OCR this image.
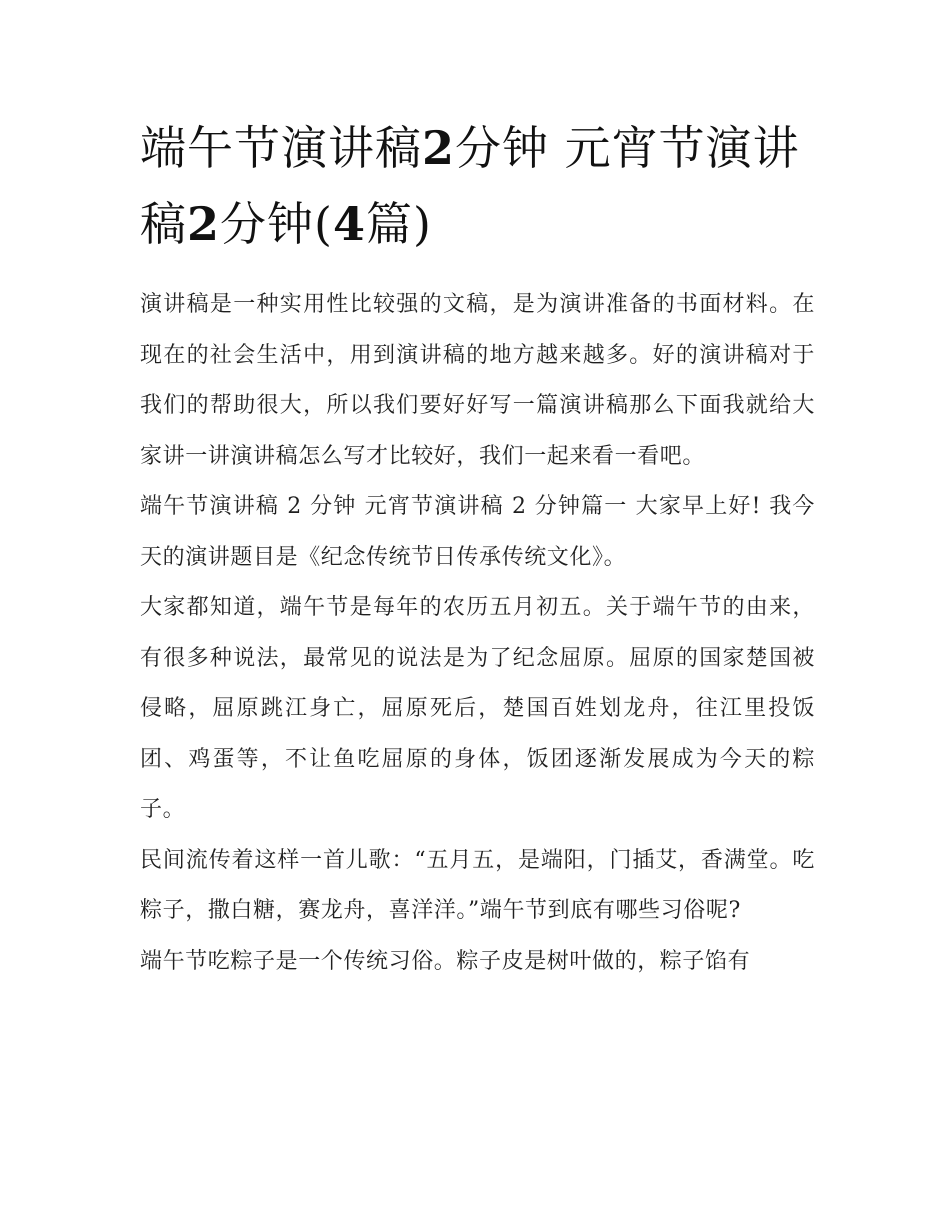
端午节演讲稿2分钟 元宵节演讲稿2分钟(4篇)

演讲稿是一种实用性比较强的文稿，是为演讲准备的书面材料。在现在的社会生活中，用到演讲稿的地方越来越多。好的演讲稿对于我们的帮助很大，所以我们要好好写一篇演讲稿那么下面我就给大家讲一讲演讲稿怎么写才比较好，我们一起来看一看吧。

端午节演讲稿 2 分钟 元宵节演讲稿 2 分钟篇一 大家早上好! 我今天的演讲题目是《纪念传统节日传承传统文化》。

大家都知道，端午节是每年的农历五月初五。关于端午节的由来，有很多种说法，最常见的说法是为了纪念屈原。屈原的国家楚国被侵略，屈原跳江身亡，屈原死后，楚国百姓划龙舟，往江里投饭团、鸡蛋等，不让鱼吃屈原的身体，饭团逐渐发展成为今天的粽子。

民间流传着这样一首儿歌：“五月五，是端阳，门插艾，香满堂。吃粽子，撒白糖，赛龙舟，喜洋洋。”端午节到底有哪些习俗呢?

端午节吃粽子是一个传统习俗。粽子皮是树叶做的，粽子馅有
